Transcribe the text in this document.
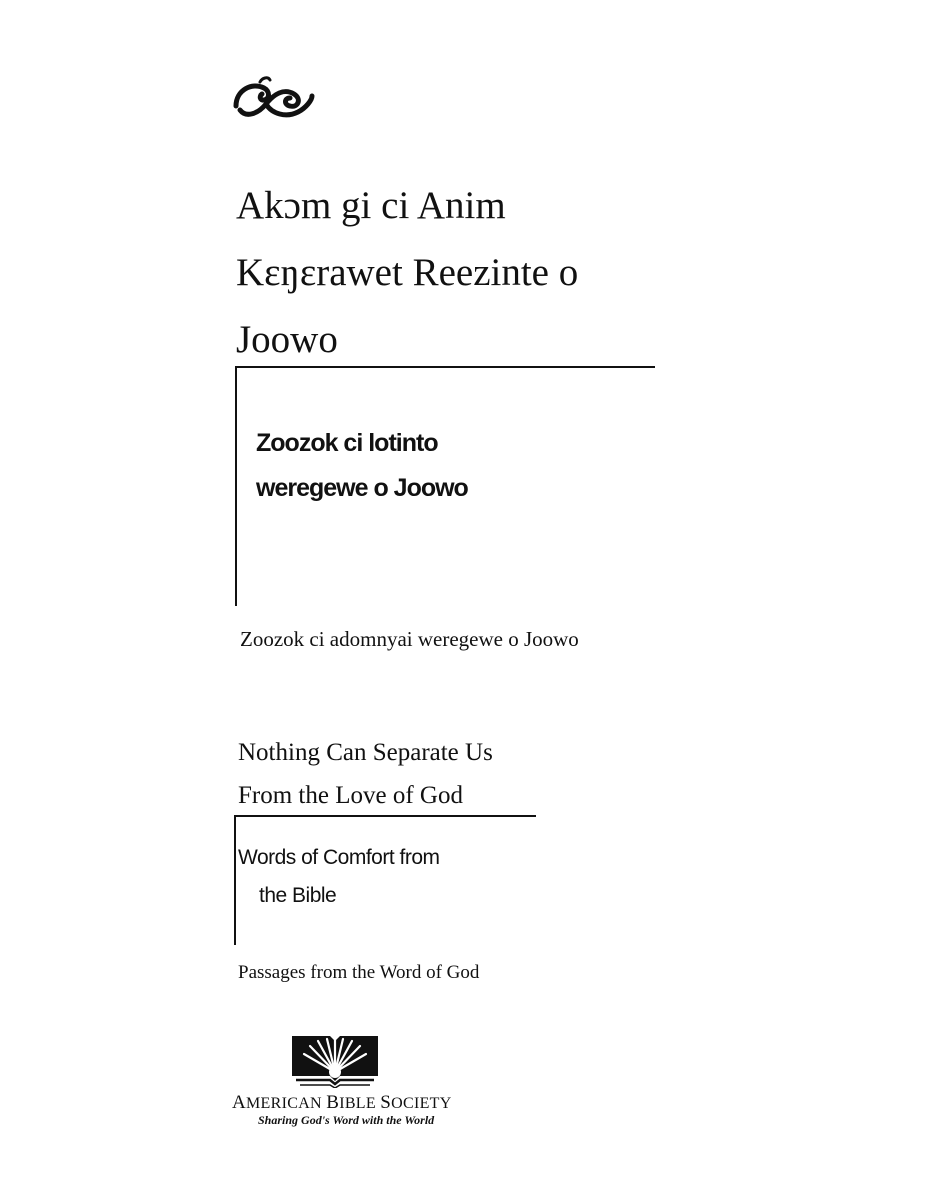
Akɔm gi ci Anim
Kɛŋɛrawet Reezinte o
Joowo
Zoozok ci lotinto
weregewe o Joowo
Zoozok ci adomnyai weregewe o Joowo
Nothing Can Separate Us
From the Love of God
Words of Comfort from
the Bible
Passages from the Word of God
AMERICAN BIBLE SOCIETY
Sharing God's Word with the World
